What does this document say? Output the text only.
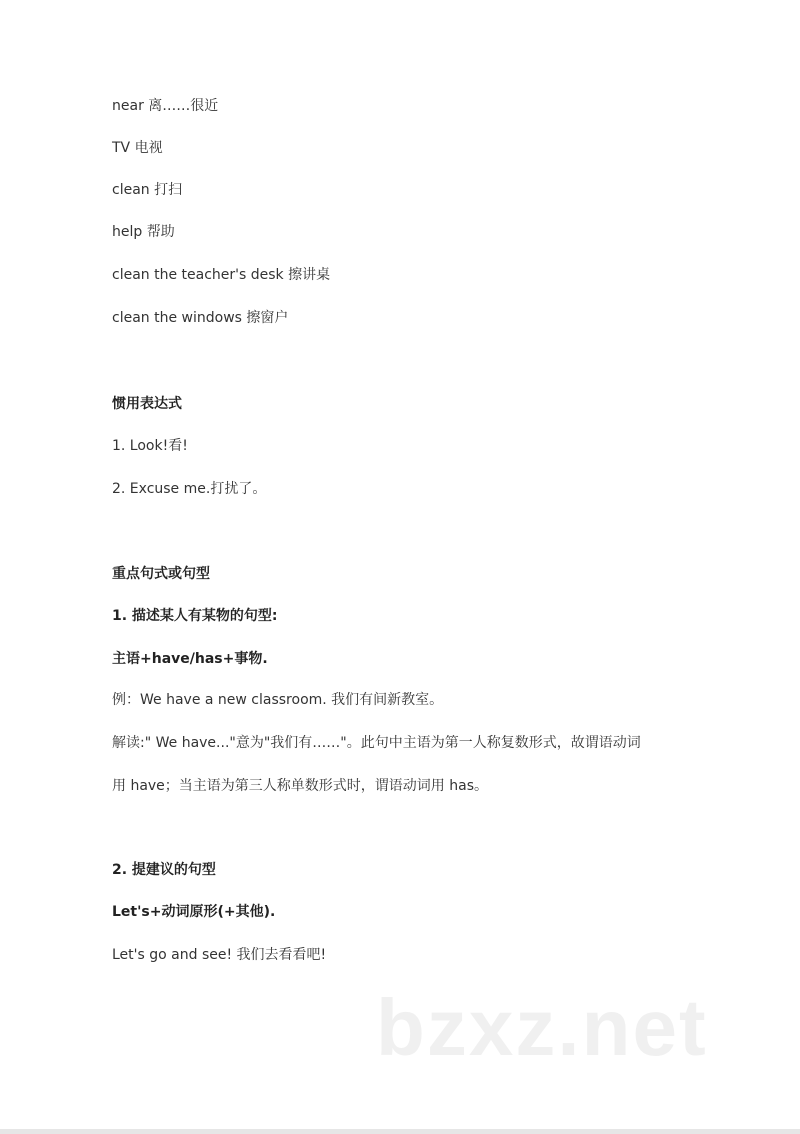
near 离……很近
TV 电视
clean 打扫
help 帮助
clean the teacher's desk 擦讲桌
clean the windows 擦窗户
惯用表达式
1. Look!看!
2. Excuse me.打扰了。
重点句式或句型
1. 描述某人有某物的句型:
主语+have/has+事物.
例：We have a new classroom. 我们有间新教室。
解读:" We have..."意为"我们有……"。此句中主语为第一人称复数形式，故谓语动词
用 have；当主语为第三人称单数形式时，谓语动词用 has。
2. 提建议的句型
Let's+动词原形(+其他).
Let's go and see! 我们去看看吧!
bzxz.net
